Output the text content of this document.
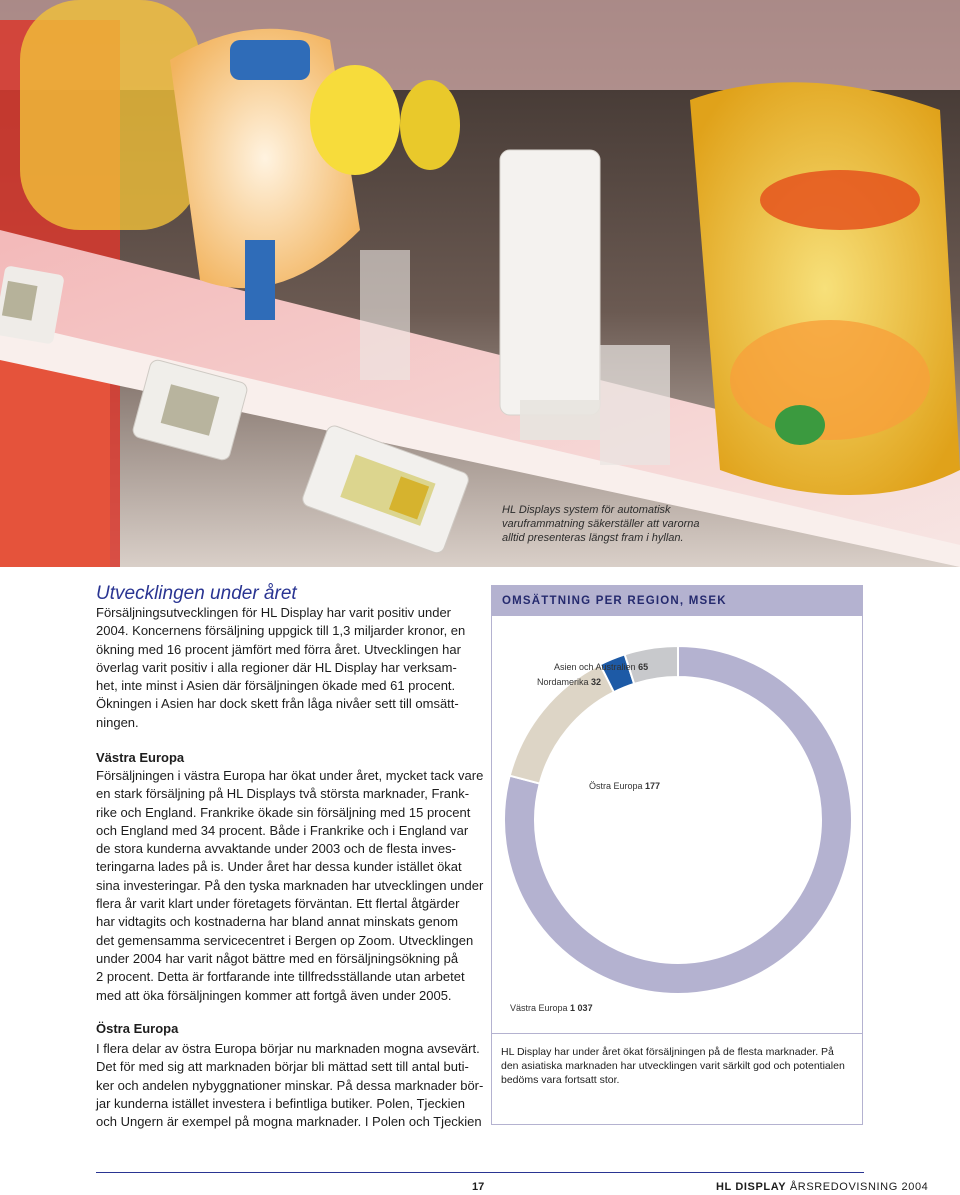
HL Displays system för automatisk
varuframmatning säkerställer att varorna
alltid presenteras längst fram i hyllan.
Utvecklingen under året

Försäljningsutvecklingen för HL Display har varit positiv under
2004. Koncernens försäljning uppgick till 1,3 miljarder kronor, en
ökning med 16 procent jämfört med förra året. Utvecklingen har
överlag varit positiv i alla regioner där HL Display har verksam-
het, inte minst i Asien där försäljningen ökade med 61 procent.
Ökningen i Asien har dock skett från låga nivåer sett till omsätt-
ningen.

Västra Europa

Försäljningen i västra Europa har ökat under året, mycket tack vare
en stark försäljning på HL Displays två största marknader, Frank-
rike och England. Frankrike ökade sin försäljning med 15 procent
och England med 34 procent. Både i Frankrike och i England var
de stora kunderna avvaktande under 2003 och de flesta inves-
teringarna lades på is. Under året har dessa kunder istället ökat
sina investeringar. På den tyska marknaden har utvecklingen under
flera år varit klart under företagets förväntan. Ett flertal åtgärder
har vidtagits och kostnaderna har bland annat minskats genom
det gemensamma servicecentret i Bergen op Zoom. Utvecklingen
under 2004 har varit något bättre med en försäljningsökning på
2 procent. Detta är fortfarande inte tillfredsställande utan arbetet
med att öka försäljningen kommer att fortgå även under 2005.

Östra Europa

I flera delar av östra Europa börjar nu marknaden mogna avsevärt.
Det för med sig att marknaden börjar bli mättad sett till antal buti-
ker och andelen nybyggnationer minskar. På dessa marknader bör-
jar kunderna istället investera i befintliga butiker. Polen, Tjeckien
och Ungern är exempel på mogna marknader. I Polen och Tjeckien

OMSÄTTNING PER REGION, MSEK
Västra Europa 1 037
Östra Europa 177
Nordamerika 32
Asien och Australien 65
HL Display har under året ökat försäljningen på de flesta marknader. På
den asiatiska marknaden har utvecklingen varit särkilt god och potentialen
bedöms vara fortsatt stor.
17	HL DISPLAY ÅRSREDOVISNING 2004
